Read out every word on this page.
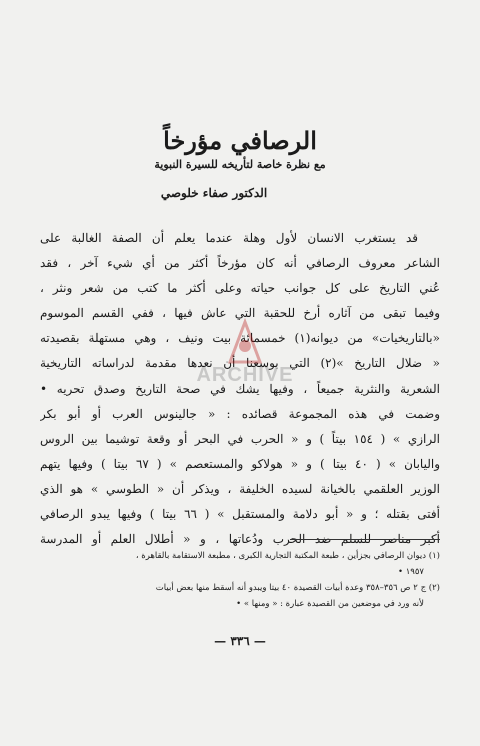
الرصافي مؤرخاً
مع نظرة خاصة لتأريخه للسيرة النبوية
الدكتور صفاء خلوصي
قد يستغرب الانسان لأول وهلة عندما يعلم أن الصفة الغالبة على
الشاعر معروف الرصافي أنه كان مؤرخاً أكثر من أي شيء آخر ، فقد
عُني التاريخ على كل جوانب حياته وعلى أكثر ما كتب من شعر ونثر ،
وفيما تبقى من آثاره أرخ للحقبة التي عاش فيها ، ففي القسم الموسوم
«بالتاريخيات» من ديوانه(١) خمسمائة بيت ونيف ، وهي مستهلة بقصيدته
« ضلال التاريخ »(٢) التي بوسعنا أن نعدها مقدمة لدراساته التاريخية
الشعرية والنثرية جميعاً ، وفيها يشك في صحة التاريخ وصدق تحريه •
وضمت في هذه المجموعة قصائده : « جالينوس العرب أو أبو بكر
الرازي » ( ١٥٤ بيتاً ) و « الحرب في البحر أو وقعة توشيما بين الروس
واليابان » ( ٤٠ بيتا ) و « هولاكو والمستعصم » ( ٦٧ بيتا ) وفيها يتهم
الوزير العلقمي بالخيانة لسيده الخليفة ، ويذكر أن « الطوسي » هو الذي
أفتى بقتله ؛ و « أبو دلامة والمستقبل » ( ٦٦ بيتا ) وفيها يبدو الرصافي
أكبر مناصر للسلم ضد الحرب ودُعاتها ، و « أطلال العلم أو المدرسة
(١) ديوان الرصافي بجزأين ، طبعة المكتبة التجارية الكبرى ، مطبعة الاستقامة بالقاهرة ،
١٩٥٧ •
(٢) ج ٢ ص ٣٥٦–٣٥٨ وعدة أبيات القصيدة ٤٠ بيتا ويبدو أنه أسقط منها بعض أبيات
لأنه ورد في موضعين من القصيدة عبارة : « ومنها » •
— ٣٣٦ —
ARCHIVE
